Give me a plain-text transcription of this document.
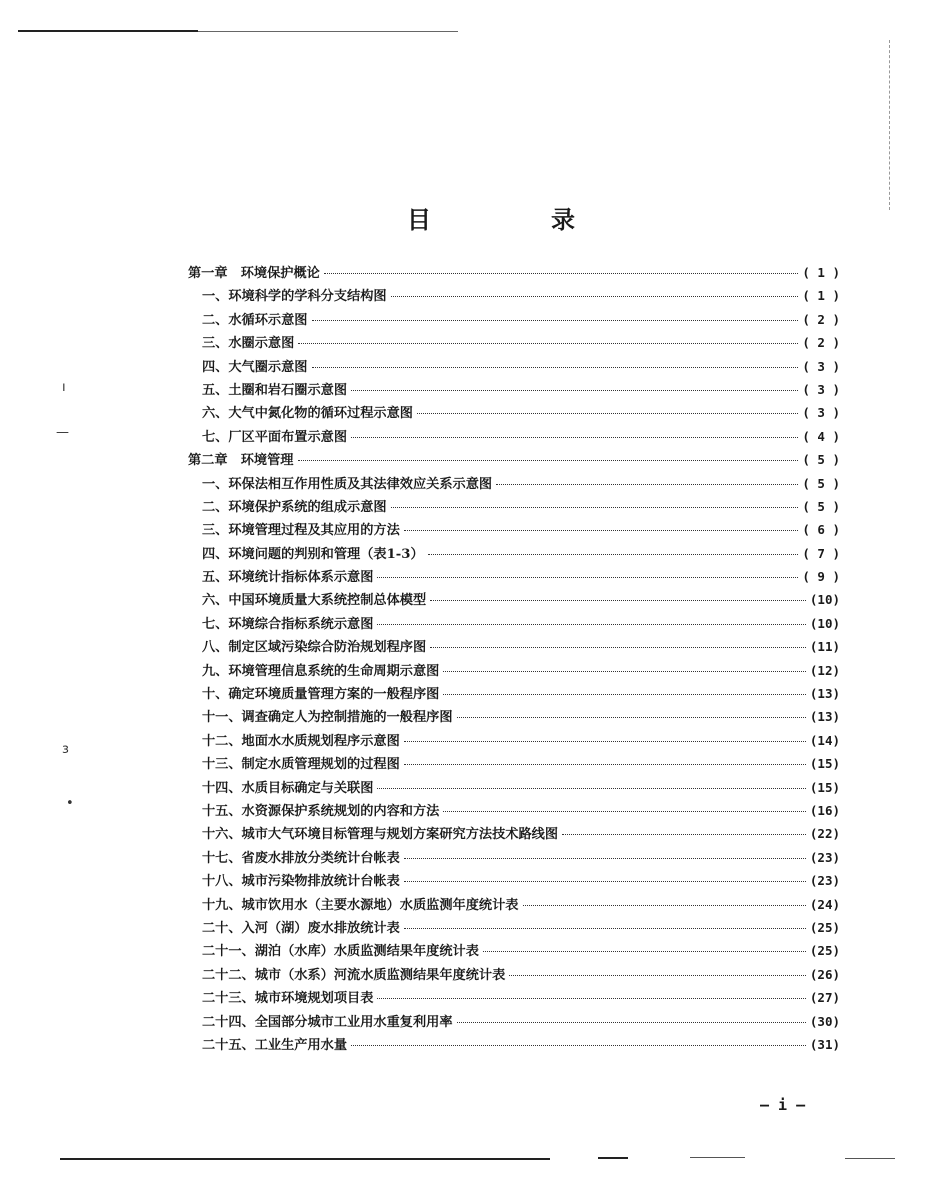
ı
—
ɜ
•
目　录
第一章　环境保护概论	( 1 )
一、环境科学的学科分支结构图	( 1 )
二、水循环示意图	( 2 )
三、水圈示意图	( 2 )
四、大气圈示意图	( 3 )
五、土圈和岩石圈示意图	( 3 )
六、大气中氮化物的循环过程示意图	( 3 )
七、厂区平面布置示意图	( 4 )
第二章　环境管理	( 5 )
一、环保法相互作用性质及其法律效应关系示意图	( 5 )
二、环境保护系统的组成示意图	( 5 )
三、环境管理过程及其应用的方法	( 6 )
四、环境问题的判别和管理（表1-3）	( 7 )
五、环境统计指标体系示意图	( 9 )
六、中国环境质量大系统控制总体模型	(10)
七、环境综合指标系统示意图	(10)
八、制定区域污染综合防治规划程序图	(11)
九、环境管理信息系统的生命周期示意图	(12)
十、确定环境质量管理方案的一般程序图	(13)
十一、调查确定人为控制措施的一般程序图	(13)
十二、地面水水质规划程序示意图	(14)
十三、制定水质管理规划的过程图	(15)
十四、水质目标确定与关联图	(15)
十五、水资源保护系统规划的内容和方法	(16)
十六、城市大气环境目标管理与规划方案研究方法技术路线图	(22)
十七、省废水排放分类统计台帐表	(23)
十八、城市污染物排放统计台帐表	(23)
十九、城市饮用水（主要水源地）水质监测年度统计表	(24)
二十、入河（湖）废水排放统计表	(25)
二十一、湖泊（水库）水质监测结果年度统计表	(25)
二十二、城市（水系）河流水质监测结果年度统计表	(26)
二十三、城市环境规划项目表	(27)
二十四、全国部分城市工业用水重复利用率	(30)
二十五、工业生产用水量	(31)
— i —
